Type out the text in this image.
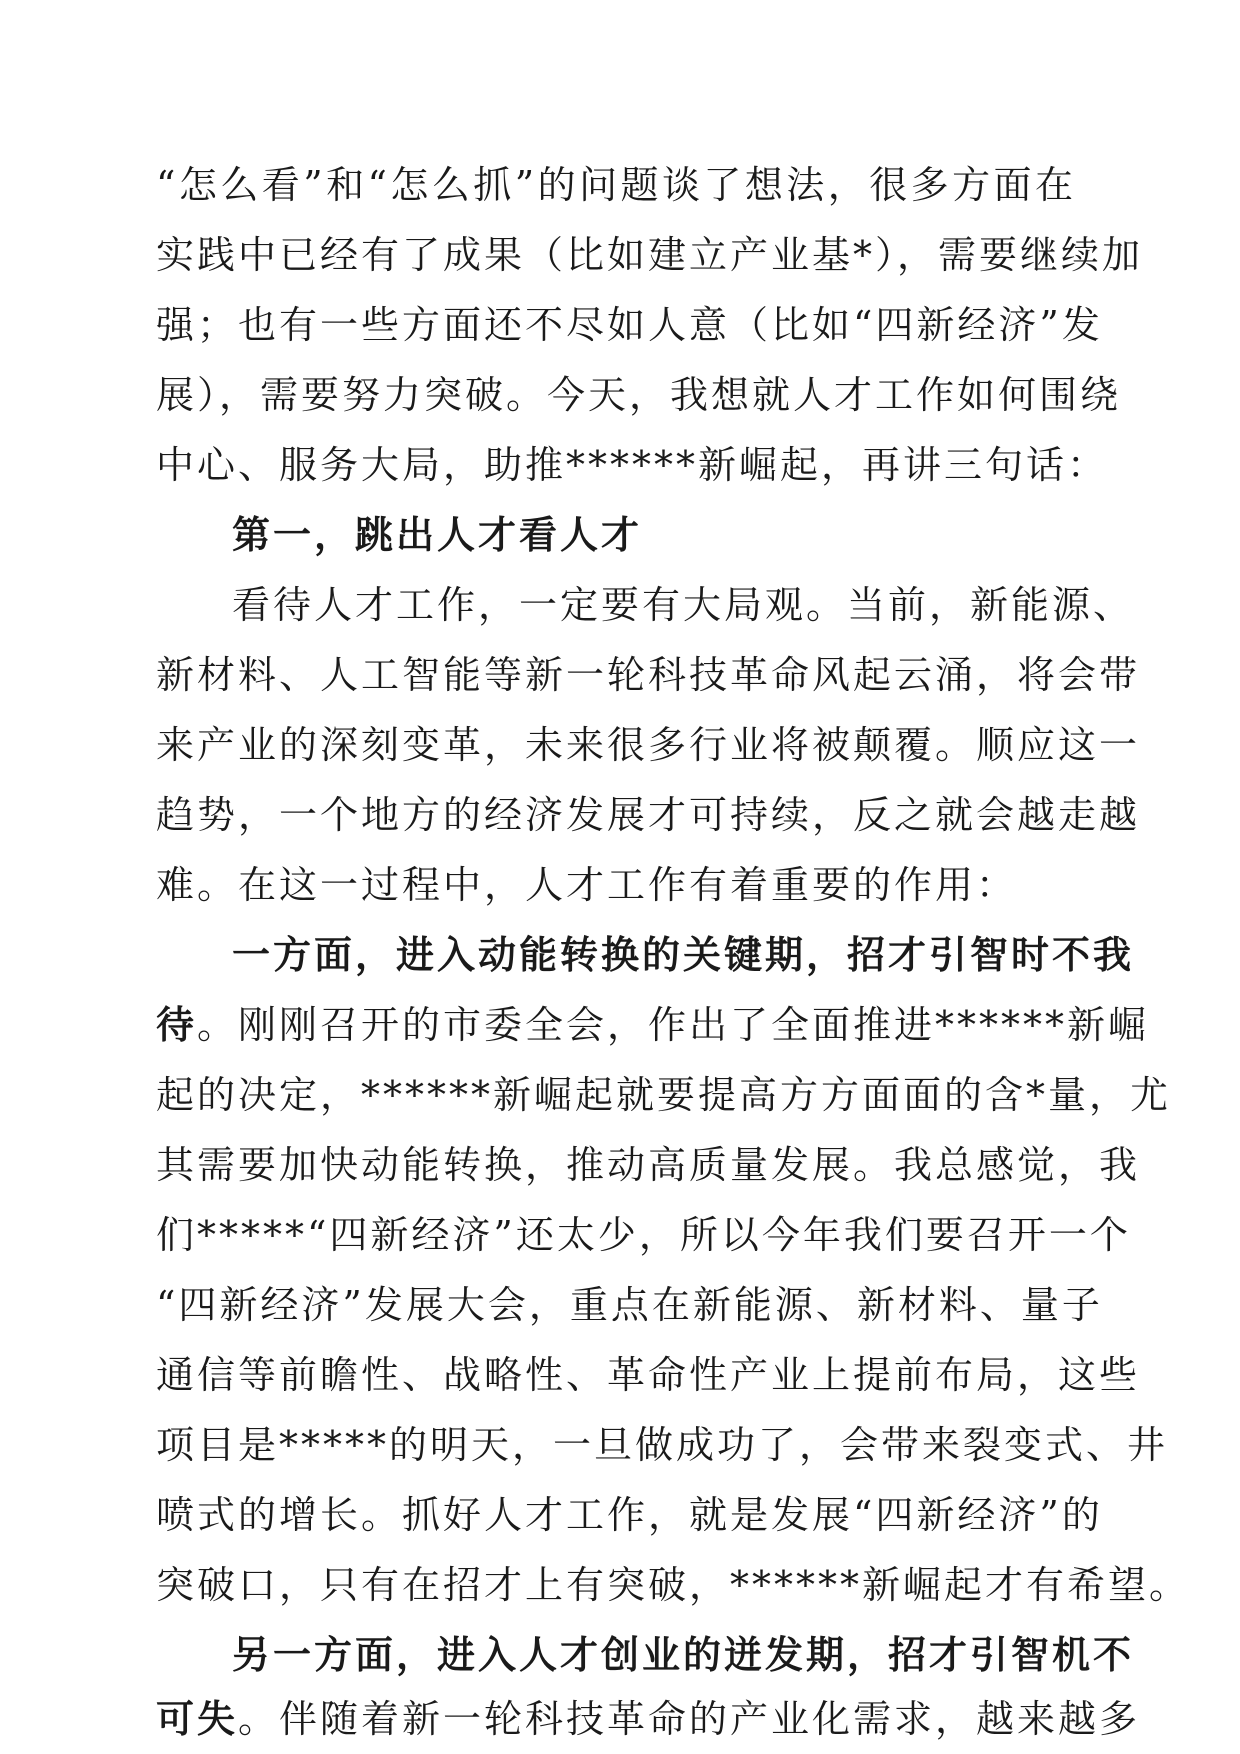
“怎么看”和“怎么抓”的问题谈了想法，很多方面在
实践中已经有了成果（比如建立产业基*），需要继续加
强；也有一些方面还不尽如人意（比如“四新经济”发
展），需要努力突破。今天，我想就人才工作如何围绕
中心、服务大局，助推******新崛起，再讲三句话：
第一，跳出人才看人才
看待人才工作，一定要有大局观。当前，新能源、
新材料、人工智能等新一轮科技革命风起云涌，将会带
来产业的深刻变革，未来很多行业将被颠覆。顺应这一
趋势，一个地方的经济发展才可持续，反之就会越走越
难。在这一过程中，人才工作有着重要的作用：
一方面，进入动能转换的关键期，招才引智时不我
待。刚刚召开的市委全会，作出了全面推进******新崛
起的决定，******新崛起就要提高方方面面的含*量，尤
其需要加快动能转换，推动高质量发展。我总感觉，我
们*****“四新经济”还太少，所以今年我们要召开一个
“四新经济”发展大会，重点在新能源、新材料、量子
通信等前瞻性、战略性、革命性产业上提前布局，这些
项目是*****的明天，一旦做成功了，会带来裂变式、井
喷式的增长。抓好人才工作，就是发展“四新经济”的
突破口，只有在招才上有突破，******新崛起才有希望。
另一方面，进入人才创业的迸发期，招才引智机不
可失。伴随着新一轮科技革命的产业化需求，越来越多
